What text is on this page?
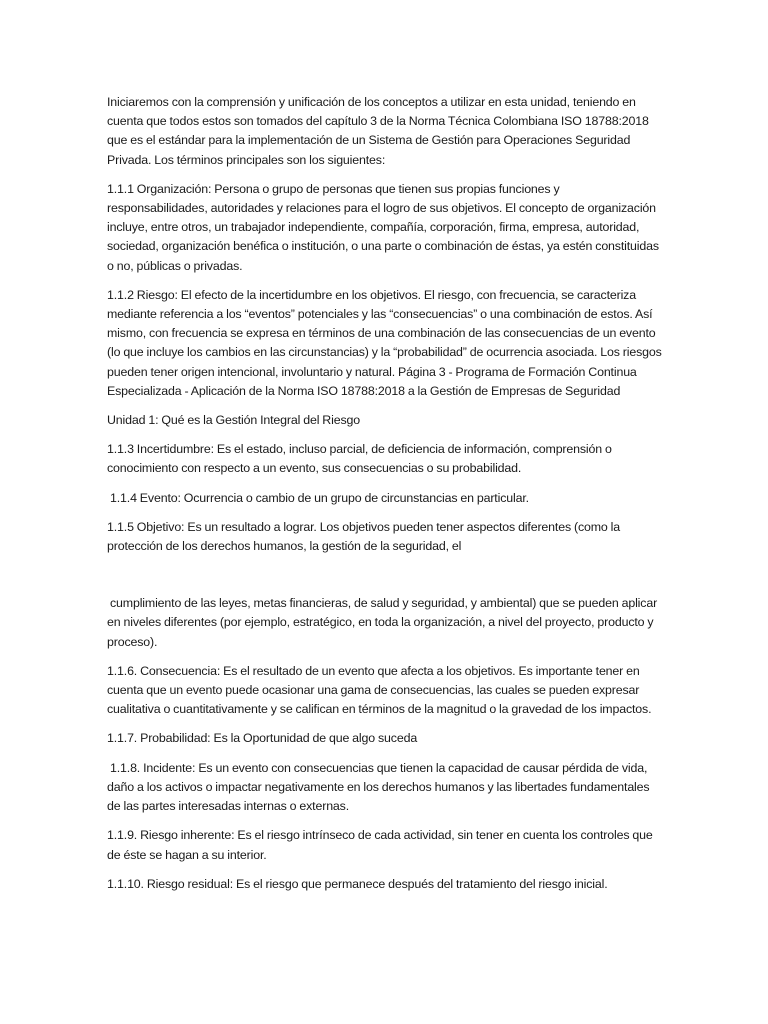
Iniciaremos con la comprensión y unificación de los conceptos a utilizar en esta unidad, teniendo en cuenta que todos estos son tomados del capítulo 3 de la Norma Técnica Colombiana ISO 18788:2018 que es el estándar para la implementación de un Sistema de Gestión para Operaciones Seguridad Privada. Los términos principales son los siguientes:

1.1.1 Organización: Persona o grupo de personas que tienen sus propias funciones y responsabilidades, autoridades y relaciones para el logro de sus objetivos. El concepto de organización incluye, entre otros, un trabajador independiente, compañía, corporación, firma, empresa, autoridad, sociedad, organización benéfica o institución, o una parte o combinación de éstas, ya estén constituidas o no, públicas o privadas.

1.1.2 Riesgo: El efecto de la incertidumbre en los objetivos. El riesgo, con frecuencia, se caracteriza mediante referencia a los “eventos” potenciales y las “consecuencias” o una combinación de estos. Así mismo, con frecuencia se expresa en términos de una combinación de las consecuencias de un evento (lo que incluye los cambios en las circunstancias) y la “probabilidad” de ocurrencia asociada. Los riesgos pueden tener origen intencional, involuntario y natural. Página 3 - Programa de Formación Continua Especializada - Aplicación de la Norma ISO 18788:2018 a la Gestión de Empresas de Seguridad

Unidad 1: Qué es la Gestión Integral del Riesgo

1.1.3 Incertidumbre: Es el estado, incluso parcial, de deficiencia de información, comprensión o conocimiento con respecto a un evento, sus consecuencias o su probabilidad.

1.1.4 Evento: Ocurrencia o cambio de un grupo de circunstancias en particular.

1.1.5 Objetivo: Es un resultado a lograr. Los objetivos pueden tener aspectos diferentes (como la protección de los derechos humanos, la gestión de la seguridad, el

cumplimiento de las leyes, metas financieras, de salud y seguridad, y ambiental) que se pueden aplicar en niveles diferentes (por ejemplo, estratégico, en toda la organización, a nivel del proyecto, producto y proceso).

1.1.6. Consecuencia: Es el resultado de un evento que afecta a los objetivos. Es importante tener en cuenta que un evento puede ocasionar una gama de consecuencias, las cuales se pueden expresar cualitativa o cuantitativamente y se califican en términos de la magnitud o la gravedad de los impactos.

1.1.7. Probabilidad: Es la Oportunidad de que algo suceda

1.1.8. Incidente: Es un evento con consecuencias que tienen la capacidad de causar pérdida de vida, daño a los activos o impactar negativamente en los derechos humanos y las libertades fundamentales de las partes interesadas internas o externas.

1.1.9. Riesgo inherente: Es el riesgo intrínseco de cada actividad, sin tener en cuenta los controles que de éste se hagan a su interior.

1.1.10. Riesgo residual: Es el riesgo que permanece después del tratamiento del riesgo inicial.
